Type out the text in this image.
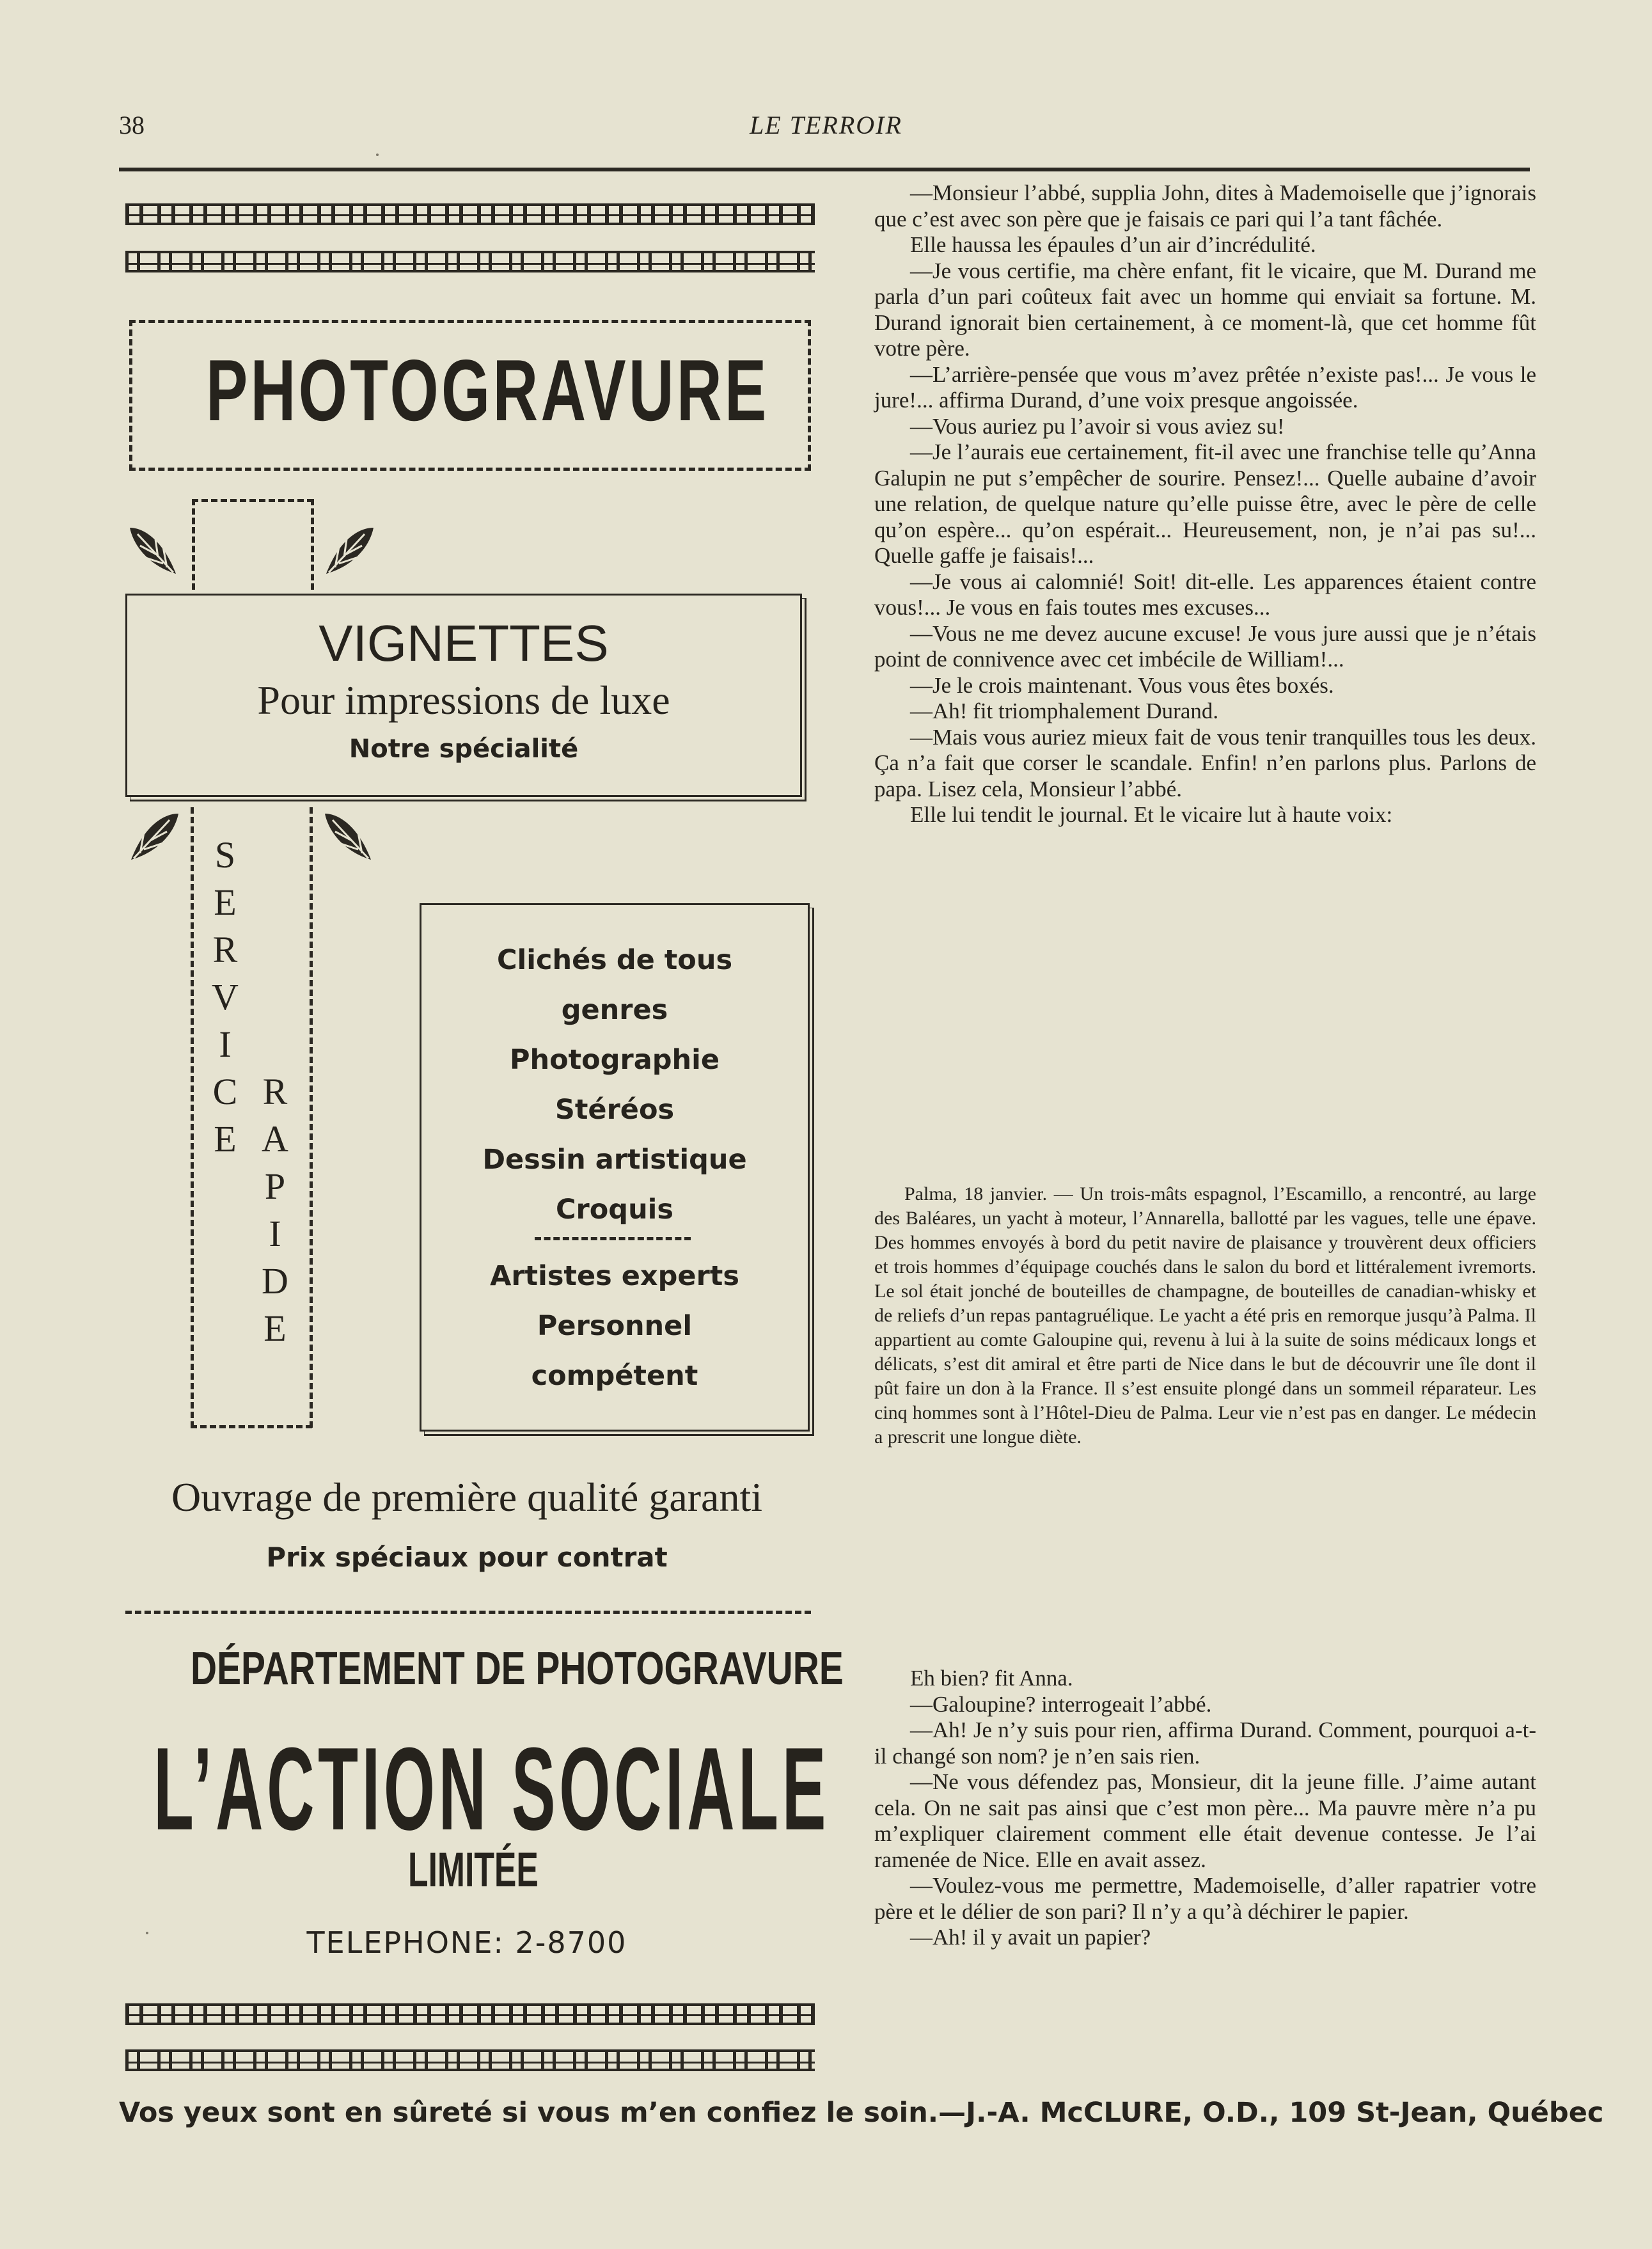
38	LE TERROIR
PHOTOGRAVURE
VIGNETTES
Pour impressions de luxe
Notre spécialité
S
E
R
V
I
C
E
R
A
P
I
D
E
Clichés de tous
genres
Photographie
Stéréos
Dessin artistique
Croquis
Artistes experts
Personnel
compétent
Ouvrage de première qualité garanti
Prix spéciaux pour contrat
DÉPARTEMENT DE PHOTOGRAVURE
L’ACTION SOCIALE
LIMITÉE
TELEPHONE: 2-8700

—Monsieur l’abbé, supplia John, dites à Mademoiselle que j’ignorais que c’est avec son père que je faisais ce pari qui l’a tant fâchée.

Elle haussa les épaules d’un air d’incrédulité.

—Je vous certifie, ma chère enfant, fit le vicaire, que M. Durand me parla d’un pari coûteux fait avec un homme qui enviait sa fortune. M. Durand ignorait bien certainement, à ce moment-là, que cet homme fût votre père.

—L’arrière-pensée que vous m’avez prêtée n’existe pas!... Je vous le jure!... affirma Durand, d’une voix presque angoissée.

—Vous auriez pu l’avoir si vous aviez su!

—Je l’aurais eue certainement, fit-il avec une franchise telle qu’Anna Galupin ne put s’empêcher de sourire. Pensez!... Quelle aubaine d’avoir une relation, de quelque nature qu’elle puisse être, avec le père de celle qu’on espère... qu’on espérait... Heureusement, non, je n’ai pas su!... Quelle gaffe je faisais!...

—Je vous ai calomnié! Soit! dit-elle. Les apparences étaient contre vous!... Je vous en fais toutes mes excuses...

—Vous ne me devez aucune excuse! Je vous jure aussi que je n’étais point de connivence avec cet imbécile de William!...

—Je le crois maintenant. Vous vous êtes boxés.

—Ah! fit triomphalement Durand.

—Mais vous auriez mieux fait de vous tenir tranquilles tous les deux. Ça n’a fait que corser le scandale. Enfin! n’en parlons plus. Parlons de papa. Lisez cela, Monsieur l’abbé.

Elle lui tendit le journal. Et le vicaire lut à haute voix:

Palma, 18 janvier. — Un trois-mâts espagnol, l’Escamillo, a rencontré, au large des Baléares, un yacht à moteur, l’Annarella, ballotté par les vagues, telle une épave. Des hommes envoyés à bord du petit navire de plaisance y trouvèrent deux officiers et trois hommes d’équipage couchés dans le salon du bord et littéralement ivremorts. Le sol était jonché de bouteilles de champagne, de bouteilles de canadian-whisky et de reliefs d’un repas pantagruélique. Le yacht a été pris en remorque jusqu’à Palma. Il appartient au comte Galoupine qui, revenu à lui à la suite de soins médicaux longs et délicats, s’est dit amiral et être parti de Nice dans le but de découvrir une île dont il pût faire un don à la France. Il s’est ensuite plongé dans un sommeil réparateur. Les cinq hommes sont à l’Hôtel-Dieu de Palma. Leur vie n’est pas en danger. Le médecin a prescrit une longue diète.

Eh bien? fit Anna.

—Galoupine? interrogeait l’abbé.

—Ah! Je n’y suis pour rien, affirma Durand. Comment, pourquoi a-t-il changé son nom? je n’en sais rien.

—Ne vous défendez pas, Monsieur, dit la jeune fille. J’aime autant cela. On ne sait pas ainsi que c’est mon père... Ma pauvre mère n’a pu m’expliquer clairement comment elle était devenue contesse. Je l’ai ramenée de Nice. Elle en avait assez.

—Voulez-vous me permettre, Mademoiselle, d’aller rapatrier votre père et le délier de son pari? Il n’y a qu’à déchirer le papier.

—Ah! il y avait un papier?

Vos yeux sont en sûreté si vous m’en confiez le soin.—J.-A. McCLURE, O.D., 109 St-Jean, Québec
